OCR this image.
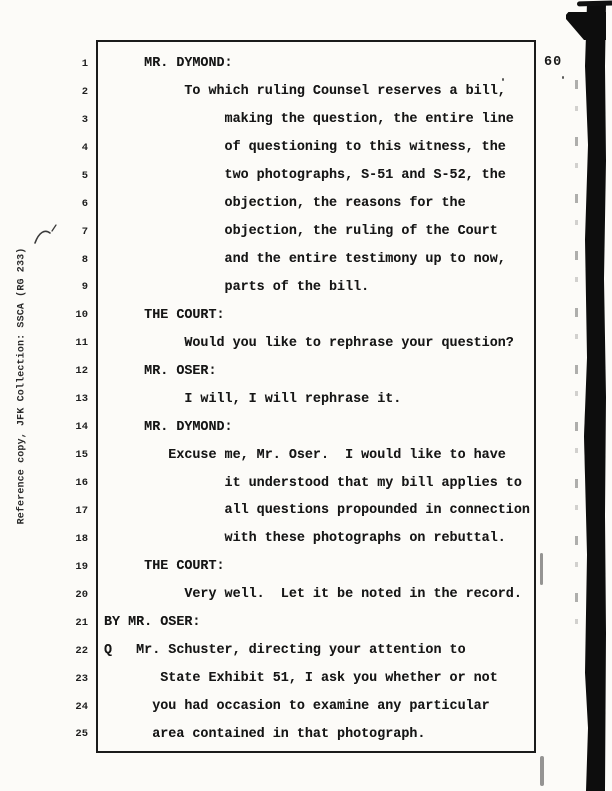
Reference copy, JFK Collection: SSCA (RG 233)
60
1 MR. DYMOND:
2 To which ruling Counsel reserves a bill,
3 making the question, the entire line
4 of questioning to this witness, the
5 two photographs, S-51 and S-52, the
6 objection, the reasons for the
7 objection, the ruling of the Court
8 and the entire testimony up to now,
9 parts of the bill.
10 THE COURT:
11 Would you like to rephrase your question?
12 MR. OSER:
13 I will, I will rephrase it.
14 MR. DYMOND:
15 Excuse me, Mr. Oser.  I would like to have
16 it understood that my bill applies to
17 all questions propounded in connection
18 with these photographs on rebuttal.
19 THE COURT:
20 Very well.  Let it be noted in the record.
21 BY MR. OSER:
22 Q   Mr. Schuster, directing your attention to
23 State Exhibit 51, I ask you whether or not
24 you had occasion to examine any particular
25 area contained in that photograph.
